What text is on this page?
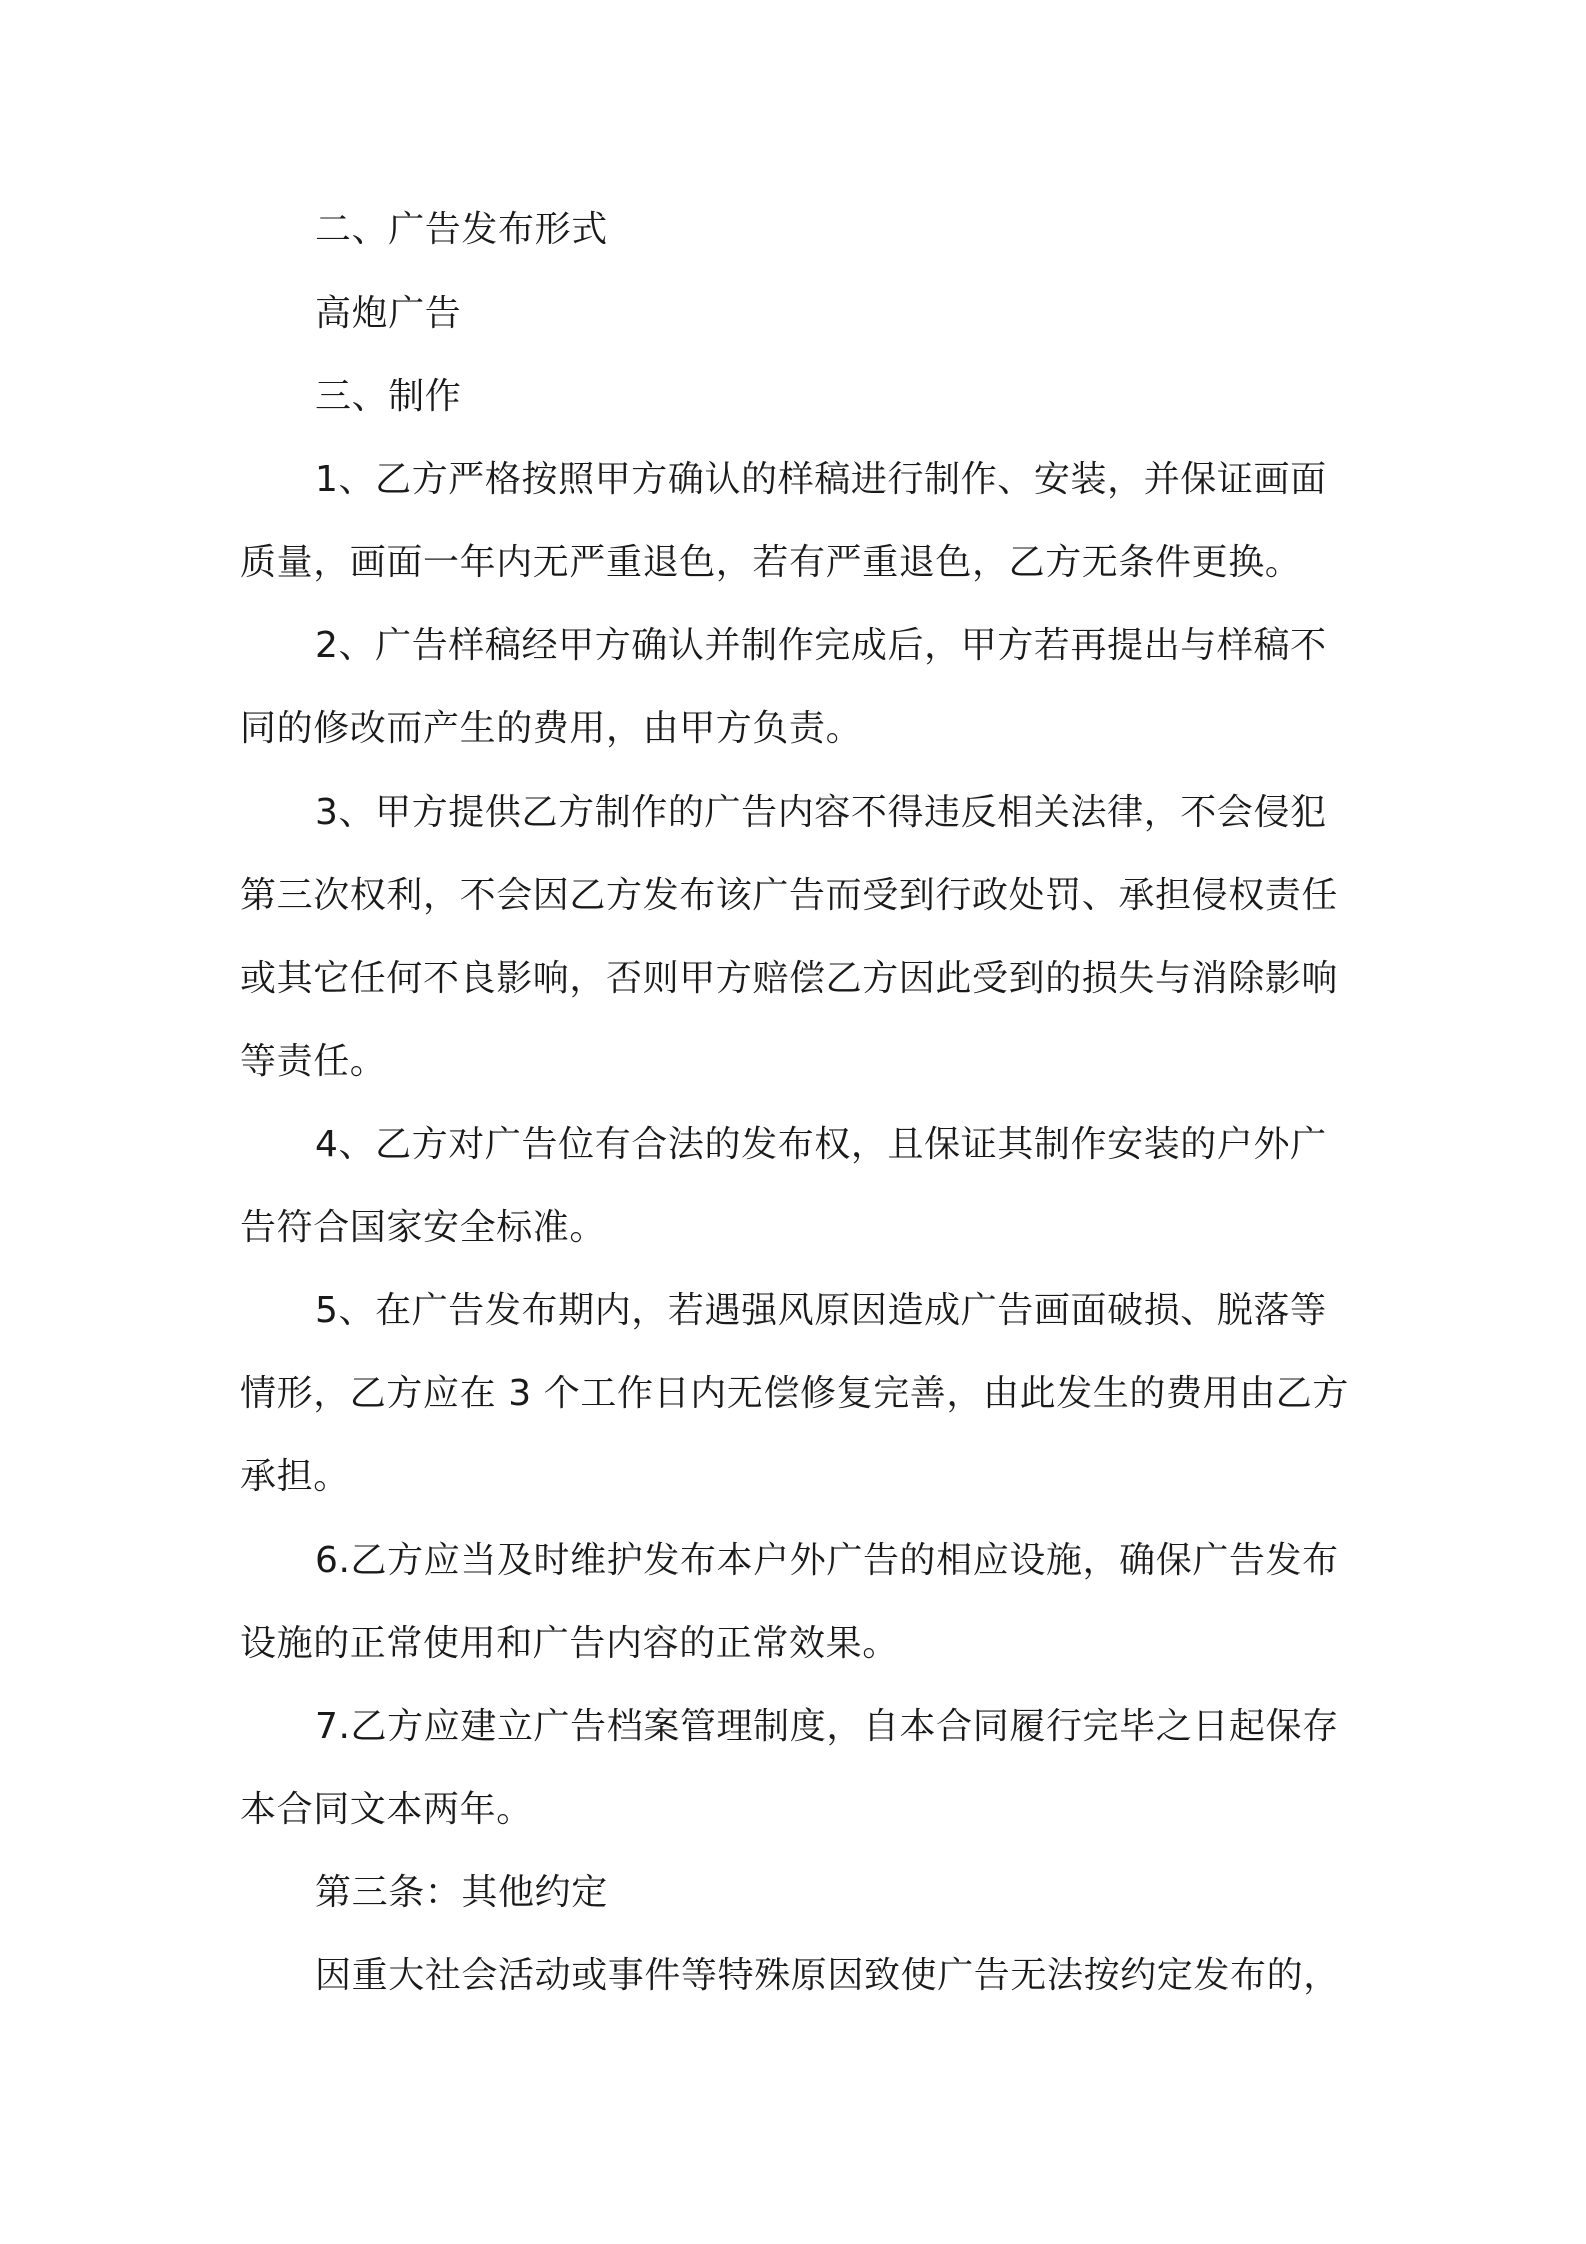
二、广告发布形式
高炮广告
三、制作
1、乙方严格按照甲方确认的样稿进行制作、安装，并保证画面
质量，画面一年内无严重退色，若有严重退色，乙方无条件更换。
2、广告样稿经甲方确认并制作完成后，甲方若再提出与样稿不
同的修改而产生的费用，由甲方负责。
3、甲方提供乙方制作的广告内容不得违反相关法律，不会侵犯
第三次权利，不会因乙方发布该广告而受到行政处罚、承担侵权责任
或其它任何不良影响，否则甲方赔偿乙方因此受到的损失与消除影响
等责任。
4、乙方对广告位有合法的发布权，且保证其制作安装的户外广
告符合国家安全标准。
5、在广告发布期内，若遇强风原因造成广告画面破损、脱落等
情形，乙方应在 3 个工作日内无偿修复完善，由此发生的费用由乙方
承担。
6.乙方应当及时维护发布本户外广告的相应设施，确保广告发布
设施的正常使用和广告内容的正常效果。
7.乙方应建立广告档案管理制度，自本合同履行完毕之日起保存
本合同文本两年。
第三条：其他约定
因重大社会活动或事件等特殊原因致使广告无法按约定发布的，
